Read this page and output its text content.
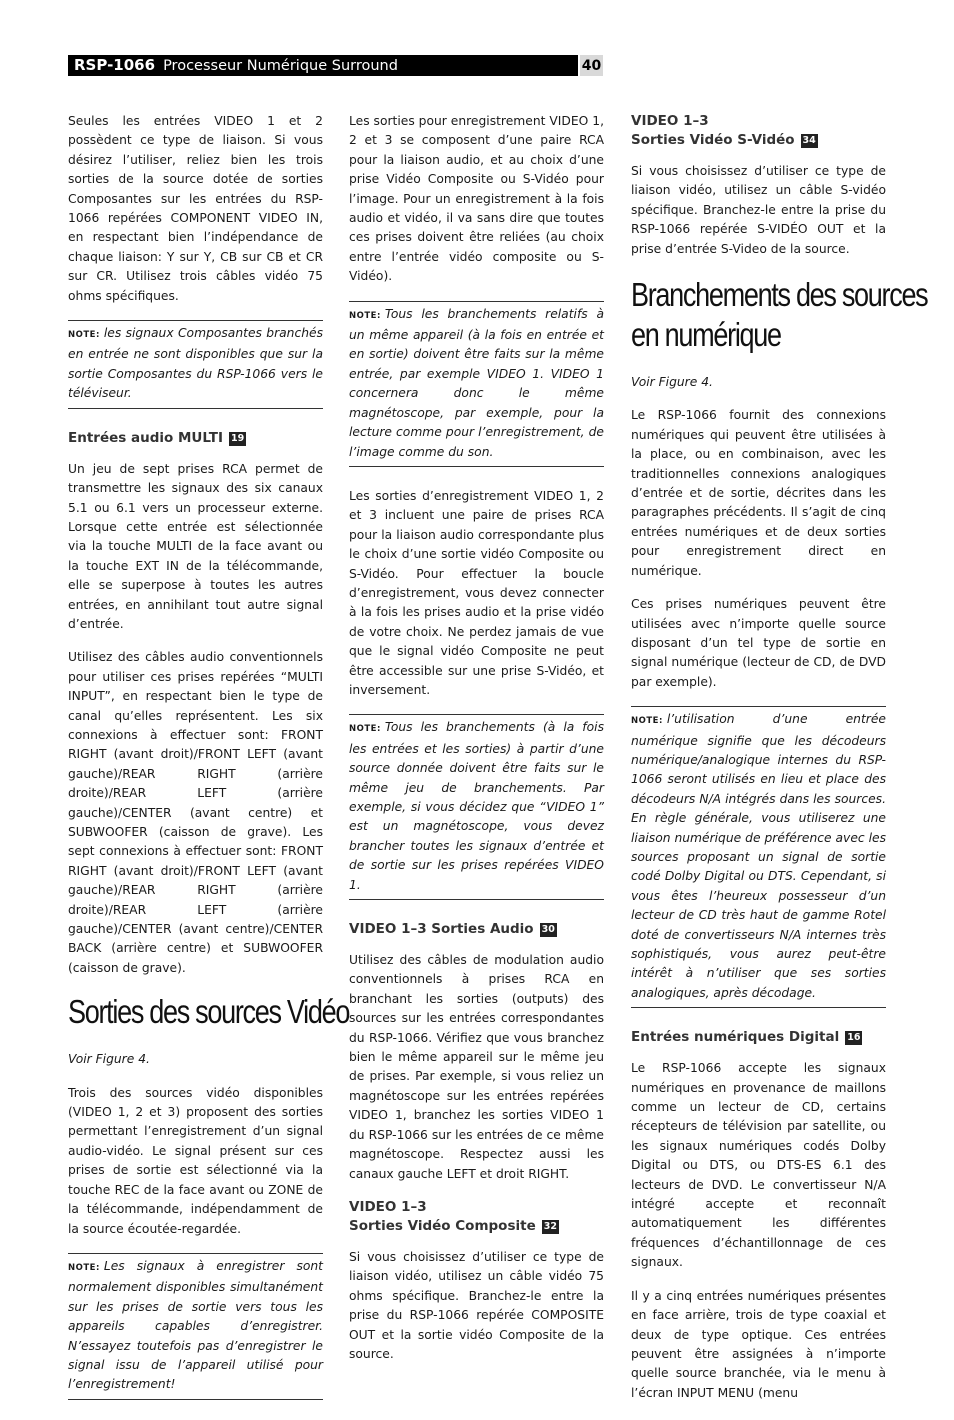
RSP-1066 Processeur Numérique Surround	40

Seules les entrées VIDEO 1 et 2 possèdent ce type de liaison. Si vous désirez l’utiliser, reliez bien les trois sorties de la source dotée de sorties Composantes sur les entrées du RSP-1066 repérées COMPONENT VIDEO IN, en respectant bien l’indépendance de chaque liaison: Y sur Y, CB sur CB et CR sur CR. Utilisez trois câbles vidéo 75 ohms spécifiques.

NOTE: les signaux Composantes branchés en entrée ne sont disponibles que sur la sortie Composantes du RSP-1066 vers le téléviseur.

Entrées audio MULTI 19

Un jeu de sept prises RCA permet de transmettre les signaux des six canaux 5.1 ou 6.1 vers un processeur externe. Lorsque cette entrée est sélectionnée via la touche MULTI de la face avant ou la touche EXT IN de la télécommande, elle se superpose à toutes les autres entrées, en annihilant tout autre signal d’entrée.

Utilisez des câbles audio conventionnels pour utiliser ces prises repérées “MULTI INPUT”, en respectant bien le type de canal qu’elles représentent. Les six connexions à effectuer sont: FRONT RIGHT (avant droit)/FRONT LEFT (avant gauche)/REAR RIGHT (arrière droite)/REAR LEFT (arrière gauche)/CENTER (avant centre) et SUBWOOFER (caisson de grave). Les sept connexions à effectuer sont: FRONT RIGHT (avant droit)/FRONT LEFT (avant gauche)/REAR RIGHT (arrière droite)/REAR LEFT (arrière gauche)/CENTER (avant centre)/CENTER BACK (arrière centre) et SUBWOOFER (caisson de grave).

Sorties des sources Vidéo

Voir Figure 4.

Trois des sources vidéo disponibles (VIDEO 1, 2 et 3) proposent des sorties permettant l’enregistrement d’un signal audio-vidéo. Le signal présent sur ces prises de sortie est sélectionné via la touche REC de la face avant ou ZONE de la télécommande, indépendamment de la source écoutée-regardée.

NOTE: Les signaux à enregistrer sont normalement disponibles simultanément sur les prises de sortie vers tous les appareils capables d’enregistrer. N’essayez toutefois pas d’enregistrer le signal issu de l’appareil utilisé pour l’enregistrement!

Les sorties pour enregistrement VIDEO 1, 2 et 3 se composent d’une paire RCA pour la liaison audio, et au choix d’une prise Vidéo Composite ou S-Vidéo pour l’image. Pour un enregistrement à la fois audio et vidéo, il va sans dire que toutes ces prises doivent être reliées (au choix entre l’entrée vidéo composite ou S-Vidéo).

NOTE: Tous les branchements relatifs à un même appareil (à la fois en entrée et en sortie) doivent être faits sur la même entrée, par exemple VIDEO 1. VIDEO 1 concernera donc le même magnétoscope, par exemple, pour la lecture comme pour l’enregistrement, de l’image comme du son.

Les sorties d’enregistrement VIDEO 1, 2 et 3 incluent une paire de prises RCA pour la liaison audio correspondante plus le choix d’une sortie vidéo Composite ou S-Vidéo. Pour effectuer la boucle d’enregistrement, vous devez connecter à la fois les prises audio et la prise vidéo de votre choix. Ne perdez jamais de vue que le signal vidéo Composite ne peut être accessible sur une prise S-Vidéo, et inversement.

NOTE: Tous les branchements (à la fois les entrées et les sorties) à partir d’une source donnée doivent être faits sur le même jeu de branchements. Par exemple, si vous décidez que “VIDEO 1” est un magnétoscope, vous devez brancher toutes les signaux d’entrée et de sortie sur les prises repérées VIDEO 1.

VIDEO 1–3 Sorties Audio 30

Utilisez des câbles de modulation audio conventionnels à prises RCA en branchant les sorties (outputs) des sources sur les entrées correspondantes du RSP-1066. Vérifiez que vous branchez bien le même appareil sur le même jeu de prises. Par exemple, si vous reliez un magnétoscope sur les entrées repérées VIDEO 1, branchez les sorties VIDEO 1 du RSP-1066 sur les entrées de ce même magnétoscope. Respectez aussi les canaux gauche LEFT et droit RIGHT.

VIDEO 1–3
Sorties Vidéo Composite 32

Si vous choisissez d’utiliser ce type de liaison vidéo, utilisez un câble vidéo 75 ohms spécifique. Branchez-le entre la prise du RSP-1066 repérée COMPOSITE OUT et la sortie vidéo Composite de la source.

VIDEO 1–3
Sorties Vidéo S-Vidéo 34

Si vous choisissez d’utiliser ce type de liaison vidéo, utilisez un câble S-vidéo spécifique. Branchez-le entre la prise du RSP-1066 repérée S-VIDÉO OUT et la prise d’entrée S-Video de la source.

Branchements des sources
en numérique

Voir Figure 4.

Le RSP-1066 fournit des connexions numériques qui peuvent être utilisées à la place, ou en combinaison, avec les traditionnelles connexions analogiques d’entrée et de sortie, décrites dans les paragraphes précédents. Il s’agit de cinq entrées numériques et de deux sorties pour enregistrement direct en numérique.

Ces prises numériques peuvent être utilisées avec n’importe quelle source disposant d’un tel type de sortie en signal numérique (lecteur de CD, de DVD par exemple).

NOTE: l’utilisation d’une entrée numérique signifie que les décodeurs numérique/analogique internes du RSP-1066 seront utilisés en lieu et place des décodeurs N/A intégrés dans les sources. En règle générale, vous utiliserez une liaison numérique de préférence avec les sources proposant un signal de sortie codé Dolby Digital ou DTS. Cependant, si vous êtes l’heureux possesseur d’un lecteur de CD très haut de gamme Rotel doté de convertisseurs N/A internes très sophistiqués, vous aurez peut-être intérêt à n’utiliser que ses sorties analogiques, après décodage.

Entrées numériques Digital 16

Le RSP-1066 accepte les signaux numériques en provenance de maillons comme un lecteur de CD, certains récepteurs de télévision par satellite, ou les signaux numériques codés Dolby Digital ou DTS, ou DTS-ES 6.1 des lecteurs de DVD. Le convertisseur N/A intégré accepte et reconnaît automatiquement les différentes fréquences d’échantillonnage de ces signaux.

Il y a cinq entrées numériques présentes en face arrière, trois de type coaxial et deux de type optique. Ces entrées peuvent être assignées à n’importe quelle source branchée, via le menu à l’écran INPUT MENU (menu
